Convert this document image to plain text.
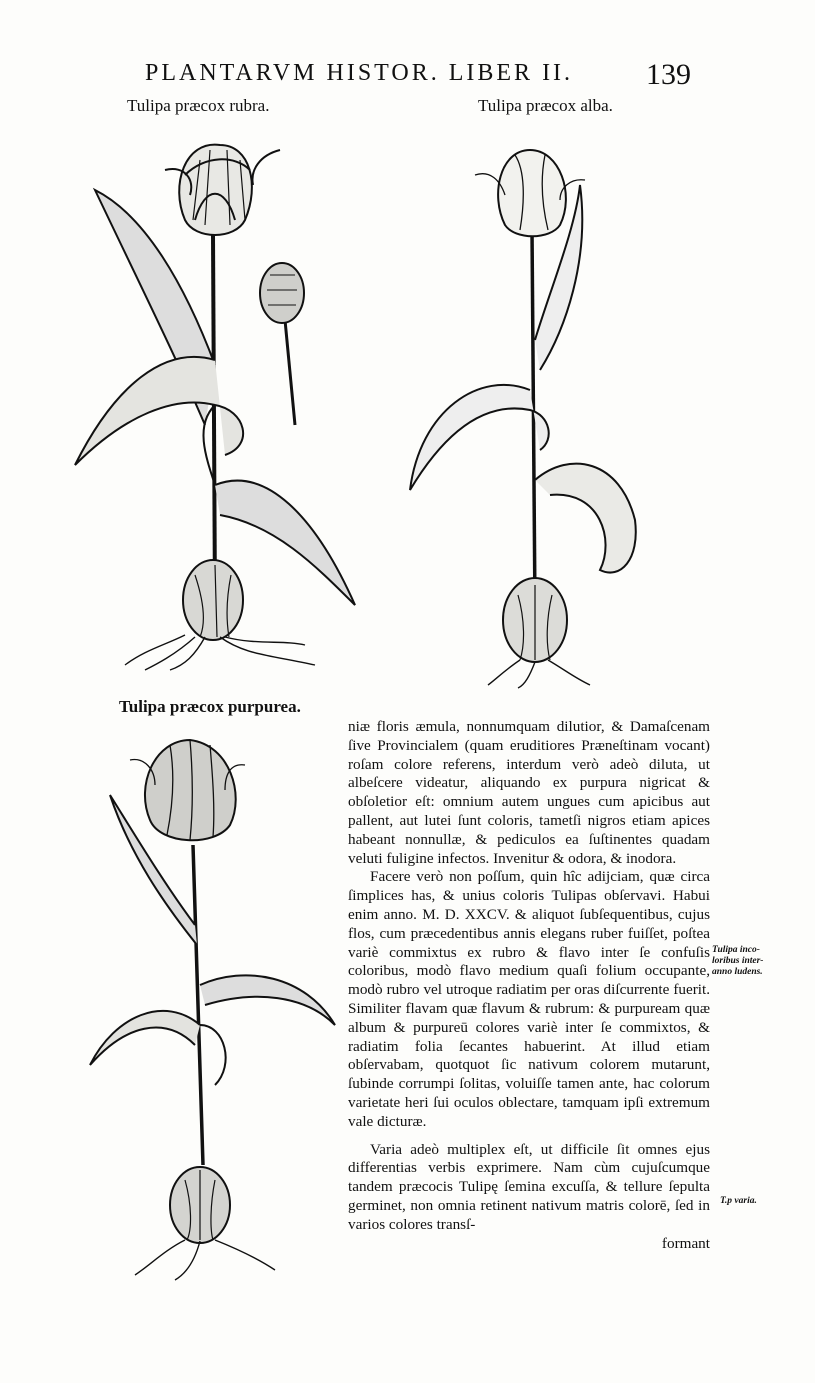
PLANTARVM HISTOR. LIBER II.	139
Tulipa præcox rubra.	Tulipa præcox alba.
Tulipa præcox purpurea.

niæ floris æmula, nonnumquam dilutior, & Damaſcenam ſive Provincialem (quam eruditiores Præneſtinam vocant) roſam colore referens, interdum verò adeò diluta, ut albeſcere videatur, aliquando ex purpura nigricat & obſoletior eſt: omnium autem ungues cum apicibus aut pallent, aut lutei ſunt coloris, tametſi nigros etiam apices habeant nonnullæ, & pediculos ea ſuſtinentes quadam veluti fuligine infectos. Invenitur & odora, & inodora.

Facere verò non poſſum, quin hîc adijciam, quæ circa ſimplices has, & unius coloris Tulipas obſervavi. Habui enim anno. M. D. XXCV. & aliquot ſubſequentibus, cujus flos, cum præcedentibus annis elegans ruber fuiſſet, poſtea variè commixtus ex rubro & flavo inter ſe confuſis coloribus, modò flavo medium quaſi folium occupante, modò rubro vel utroque radiatim per oras diſcurrente fuerit. Similiter flavam quæ flavum & rubrum: & purpuream quæ album & purpureū colores variè inter ſe commixtos, & radiatim folia ſecantes habuerint. At illud etiam obſervabam, quotquot ſic nativum colorem mutarunt, ſubinde corrumpi ſolitas, voluiſſe tamen ante, hac colorum varietate heri ſui oculos oblectare, tamquam ipſi extremum vale dicturæ.

Varia adeò multiplex eſt, ut difficile ſit omnes ejus differentias verbis exprimere. Nam cùm cujuſcumque tandem præcocis Tulipę ſemina excuſſa, & tellure ſepulta germinet, non omnia retinent nativum matris colorē, ſed in varios colores transſ-

formant
Tulipa inco-loribus inter-anno ludens.
T.p varia.
